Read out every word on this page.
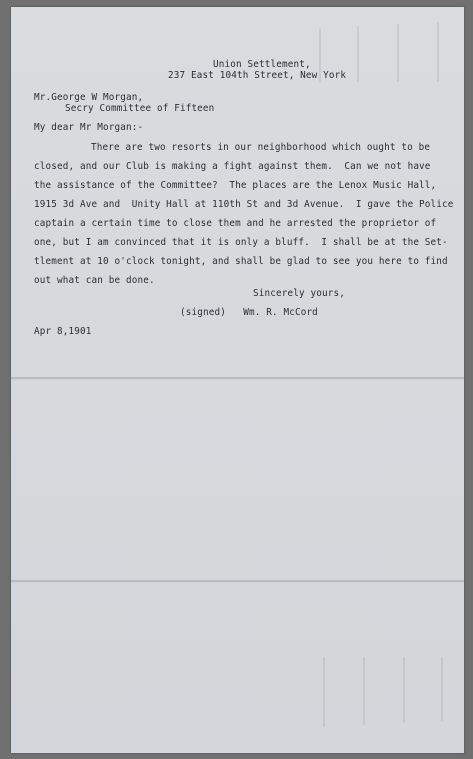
Union Settlement,
237 East 104th Street, New York
Mr.George W Morgan,
Secry Committee of Fifteen
My dear Mr Morgan:-
There are two resorts in our neighborhood which ought to be
closed, and our Club is making a fight against them.  Can we not have
the assistance of the Committee?  The places are the Lenox Music Hall,
1915 3d Ave and  Unity Hall at 110th St and 3d Avenue.  I gave the Police
captain a certain time to close them and he arrested the proprietor of
one, but I am convinced that it is only a bluff.  I shall be at the Set-
tlement at 10 o'clock tonight, and shall be glad to see you here to find
out what can be done.
Sincerely yours,
(signed)   Wm. R. McCord
Apr 8,1901
